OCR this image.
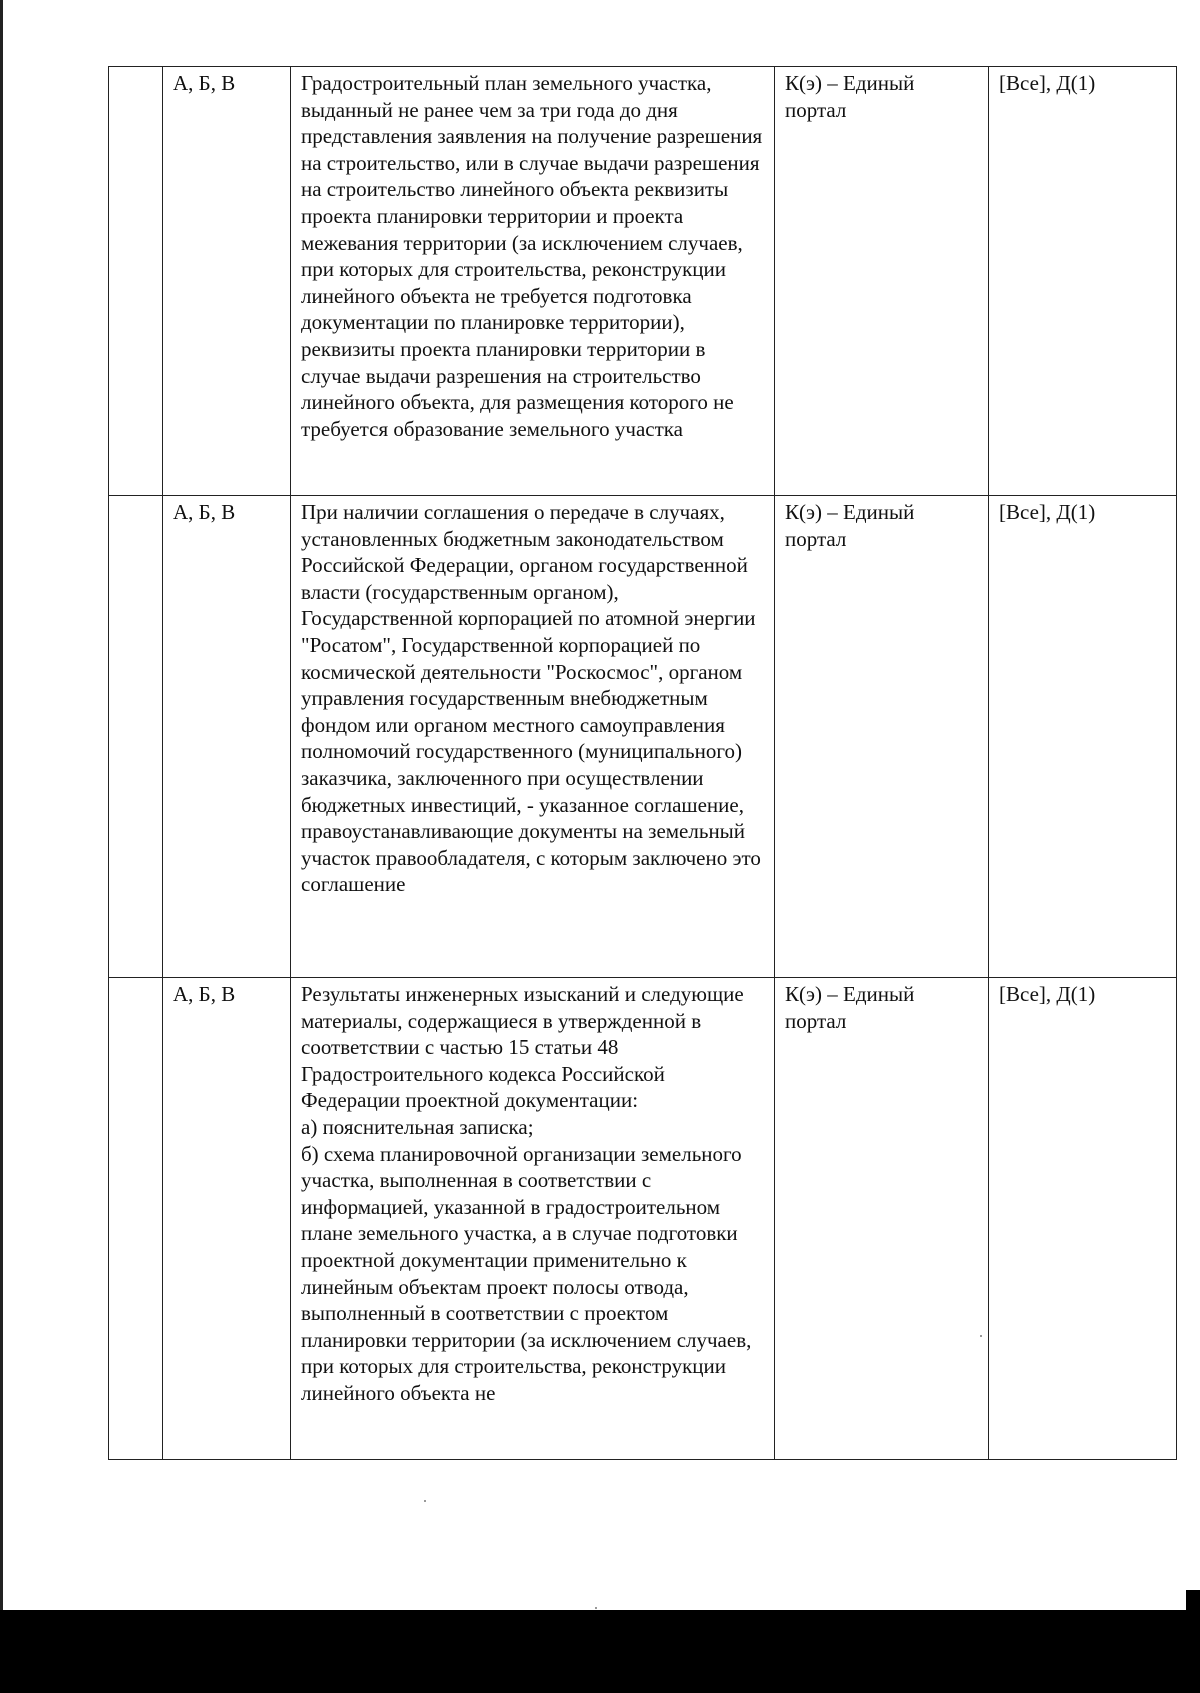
	А, Б, В	Градостроительный план земельного участка, выданный не ранее чем за три года до дня представления заявления на получение разрешения на строительство, или в случае выдачи разрешения на строительство линейного объекта реквизиты проекта планировки территории и проекта межевания территории (за исключением случаев, при которых для строительства, реконструкции линейного объекта не требуется подготовка документации по планировке территории), реквизиты проекта планировки территории в случае выдачи разрешения на строительство линейного объекта, для размещения которого не требуется образование земельного участка	К(э) – Единый портал	[Все], Д(1)
	А, Б, В	При наличии соглашения о передаче в случаях, установленных бюджетным законодательством Российской Федерации, органом государственной власти (государственным органом), Государственной корпорацией по атомной энергии "Росатом", Государственной корпорацией по космической деятельности "Роскосмос", органом управления государственным внебюджетным фондом или органом местного самоуправления полномочий государственного (муниципального) заказчика, заключенного при осуществлении бюджетных инвестиций, - указанное соглашение, правоустанавливающие документы на земельный участок правообладателя, с которым заключено это соглашение	К(э) – Единый портал	[Все], Д(1)
	А, Б, В	Результаты инженерных изысканий и следующие материалы, содержащиеся в утвержденной в соответствии с частью 15 статьи 48 Градостроительного кодекса Российской Федерации проектной документации:
а) пояснительная записка;
б) схема планировочной организации земельного участка, выполненная в соответствии с информацией, указанной в градостроительном плане земельного участка, а в случае подготовки проектной документации применительно к линейным объектам проект полосы отвода, выполненный в соответствии с проектом планировки территории (за исключением случаев, при которых для строительства, реконструкции линейного объекта не	К(э) – Единый портал	[Все], Д(1)
